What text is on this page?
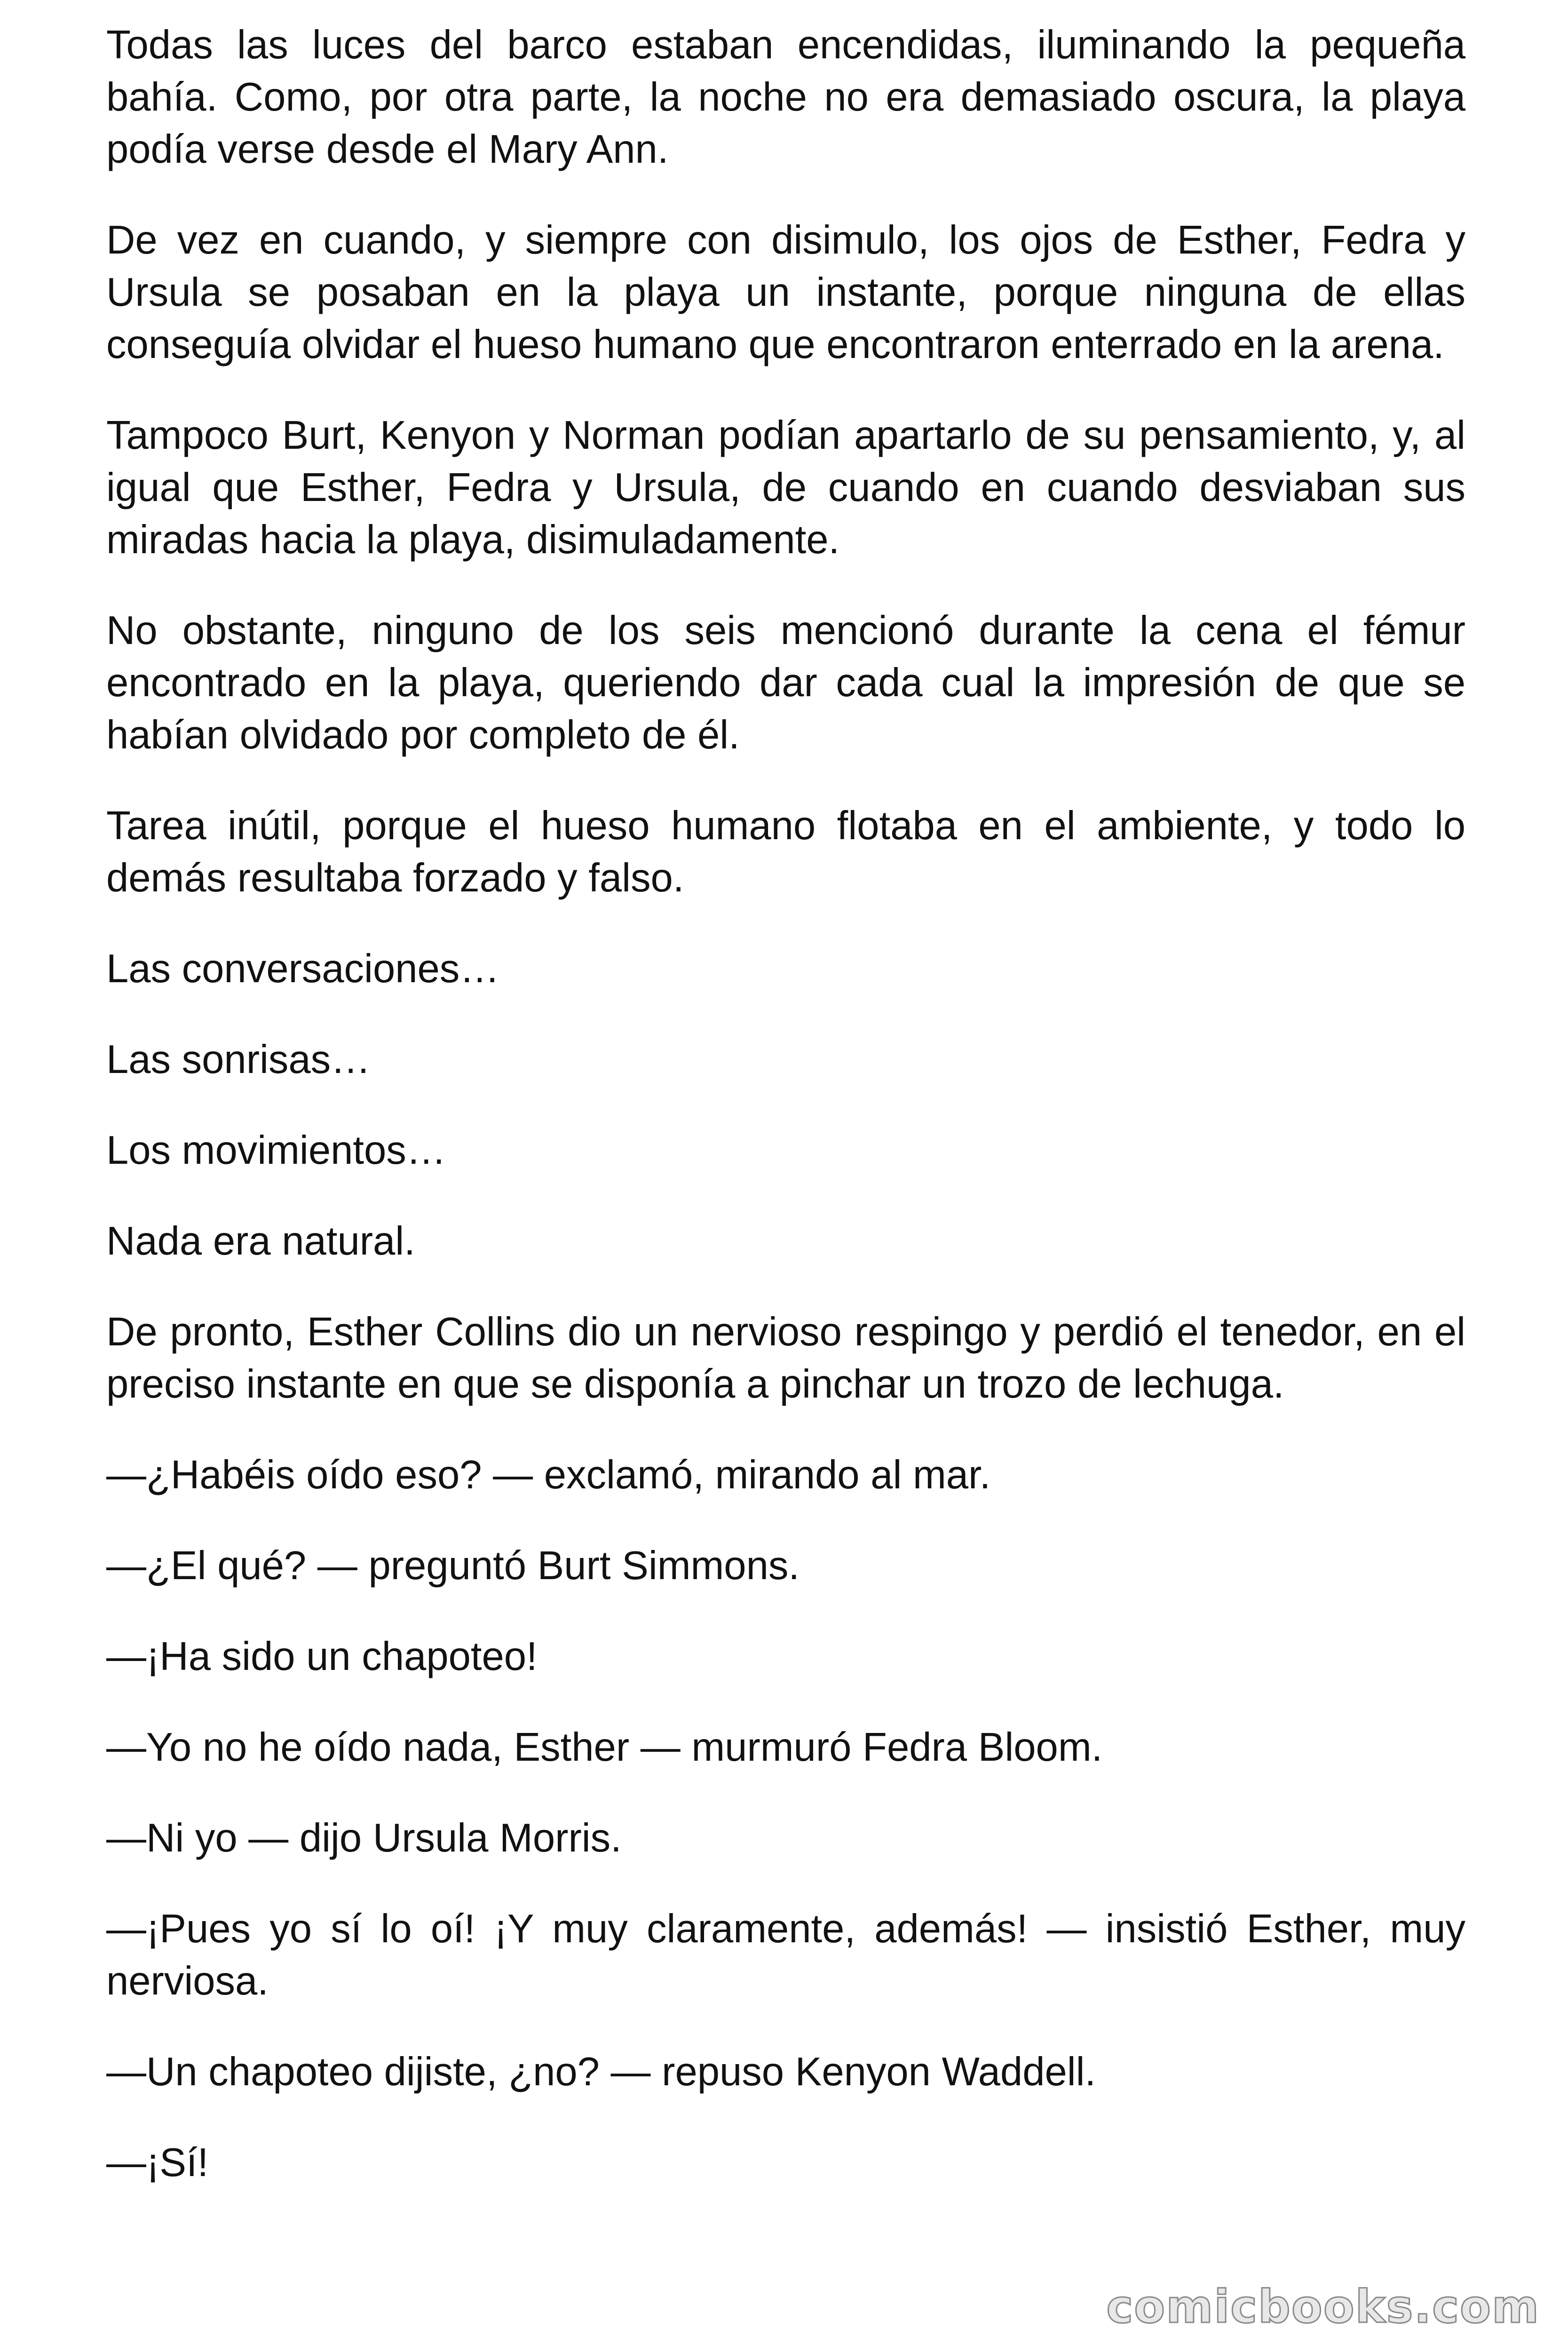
Todas las luces del barco estaban encendidas, iluminando la pequeña bahía. Como, por otra parte, la noche no era demasiado oscura, la playa podía verse desde el Mary Ann.

De vez en cuando, y siempre con disimulo, los ojos de Esther, Fedra y Ursula se posaban en la playa un instante, porque ninguna de ellas conseguía olvidar el hueso humano que encontraron enterrado en la arena.

Tampoco Burt, Kenyon y Norman podían apartarlo de su pensamiento, y, al igual que Esther, Fedra y Ursula, de cuando en cuando desviaban sus miradas hacia la playa, disimuladamente.

No obstante, ninguno de los seis mencionó durante la cena el fémur encontrado en la playa, queriendo dar cada cual la impresión de que se habían olvidado por completo de él.

Tarea inútil, porque el hueso humano flotaba en el ambiente, y todo lo demás resultaba forzado y falso.

Las conversaciones…

Las sonrisas…

Los movimientos…

Nada era natural.

De pronto, Esther Collins dio un nervioso respingo y perdió el tenedor, en el preciso instante en que se disponía a pinchar un trozo de lechuga.

—¿Habéis oído eso? — exclamó, mirando al mar.

—¿El qué? — preguntó Burt Simmons.

—¡Ha sido un chapoteo!

—Yo no he oído nada, Esther — murmuró Fedra Bloom.

—Ni yo — dijo Ursula Morris.

—¡Pues yo sí lo oí! ¡Y muy claramente, además! — insistió Esther, muy nerviosa.

—Un chapoteo dijiste, ¿no? — repuso Kenyon Waddell.

—¡Sí!

comicbooks.com
